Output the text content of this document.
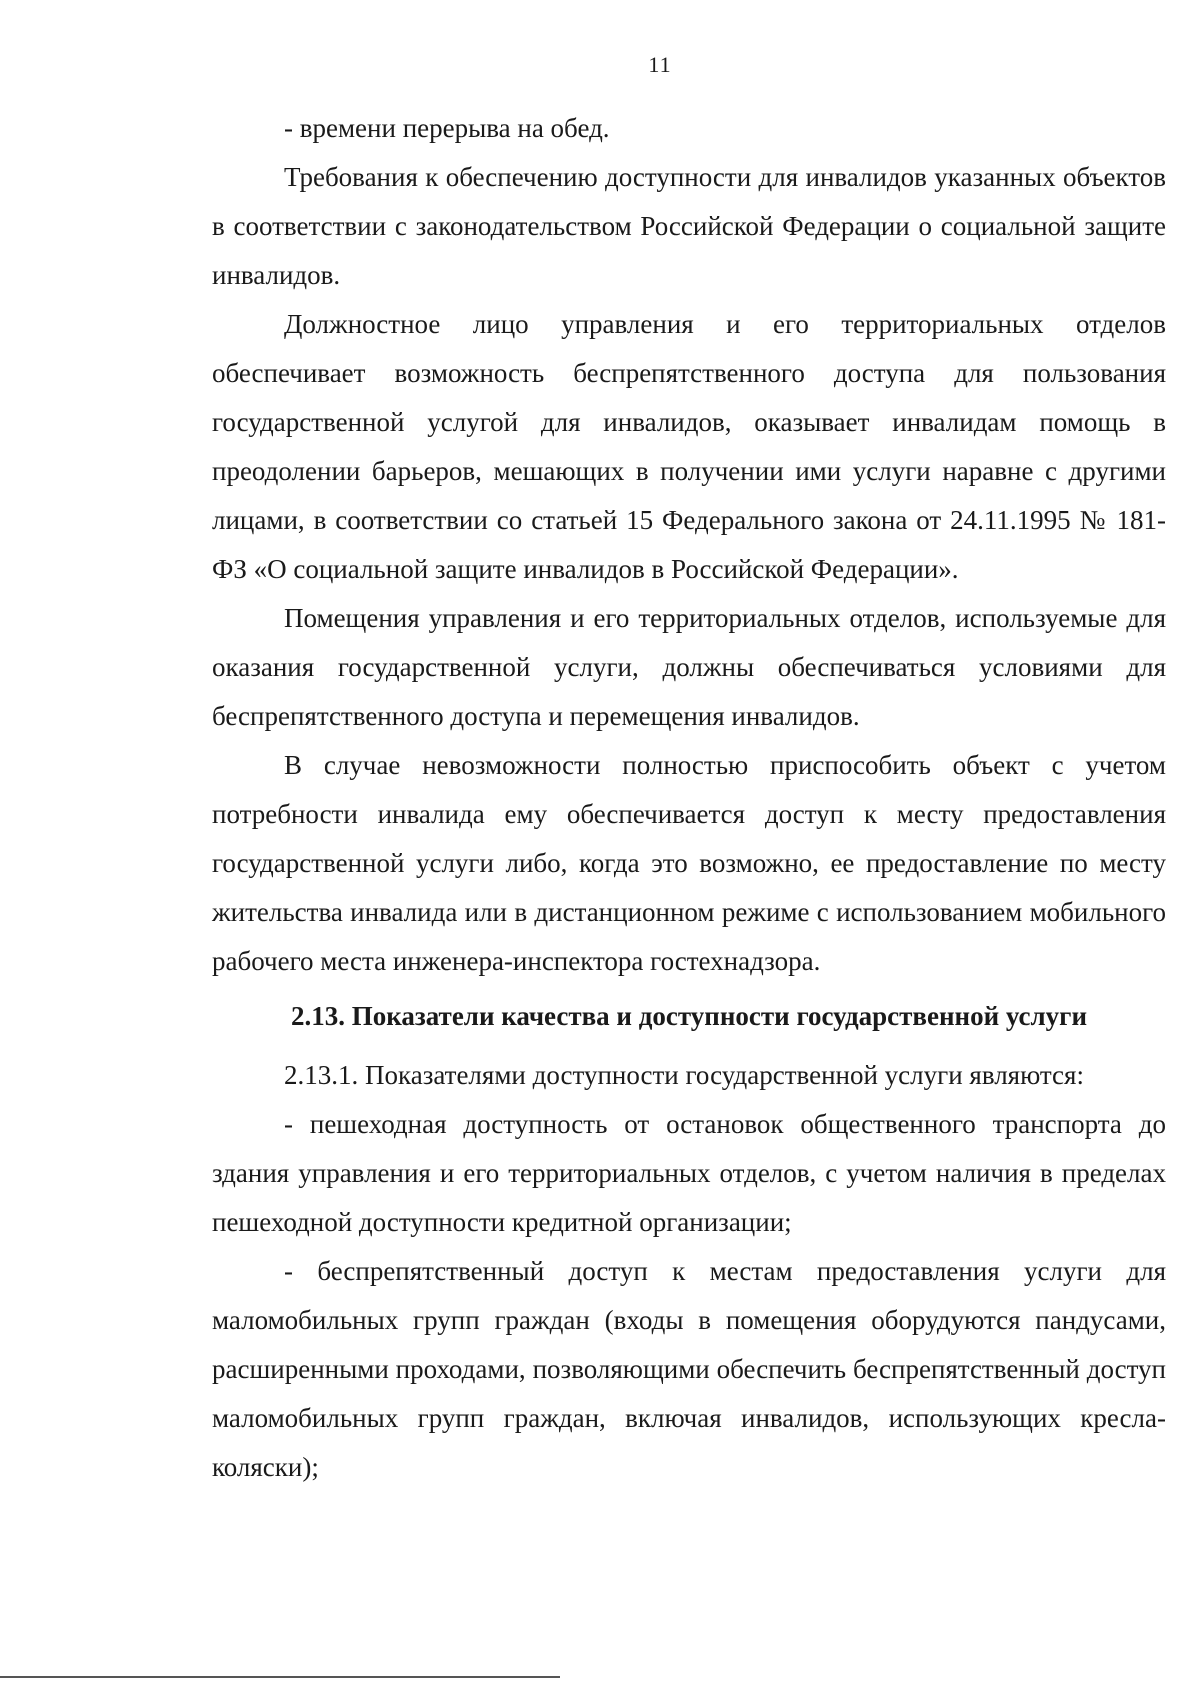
11

- времени перерыва на обед.

Требования к обеспечению доступности для инвалидов указанных объектов в соответствии с законодательством Российской Федерации о социальной защите инвалидов.

Должностное лицо управления и его территориальных отделов обеспечивает возможность беспрепятственного доступа для пользования государственной услугой для инвалидов, оказывает инвалидам помощь в преодолении барьеров, мешающих в получении ими услуги наравне с другими лицами, в соответствии со статьей 15 Федерального закона от 24.11.1995 № 181-ФЗ «О социальной защите инвалидов в Российской Федерации».

Помещения управления и его территориальных отделов, используемые для оказания государственной услуги, должны обеспечиваться условиями для беспрепятственного доступа и перемещения инвалидов.

В случае невозможности полностью приспособить объект с учетом потребности инвалида ему обеспечивается доступ к месту предоставления государственной услуги либо, когда это возможно, ее предоставление по месту жительства инвалида или в дистанционном режиме с использованием мобильного рабочего места инженера-инспектора гостехнадзора.

2.13. Показатели качества и доступности государственной услуги

2.13.1. Показателями доступности государственной услуги являются:

- пешеходная доступность от остановок общественного транспорта до здания управления и его территориальных отделов, с учетом наличия в пределах пешеходной доступности кредитной организации;

- беспрепятственный доступ к местам предоставления услуги для маломобильных групп граждан (входы в помещения оборудуются пандусами, расширенными проходами, позволяющими обеспечить беспрепятственный доступ маломобильных групп граждан, включая инвалидов, использующих кресла-коляски);
